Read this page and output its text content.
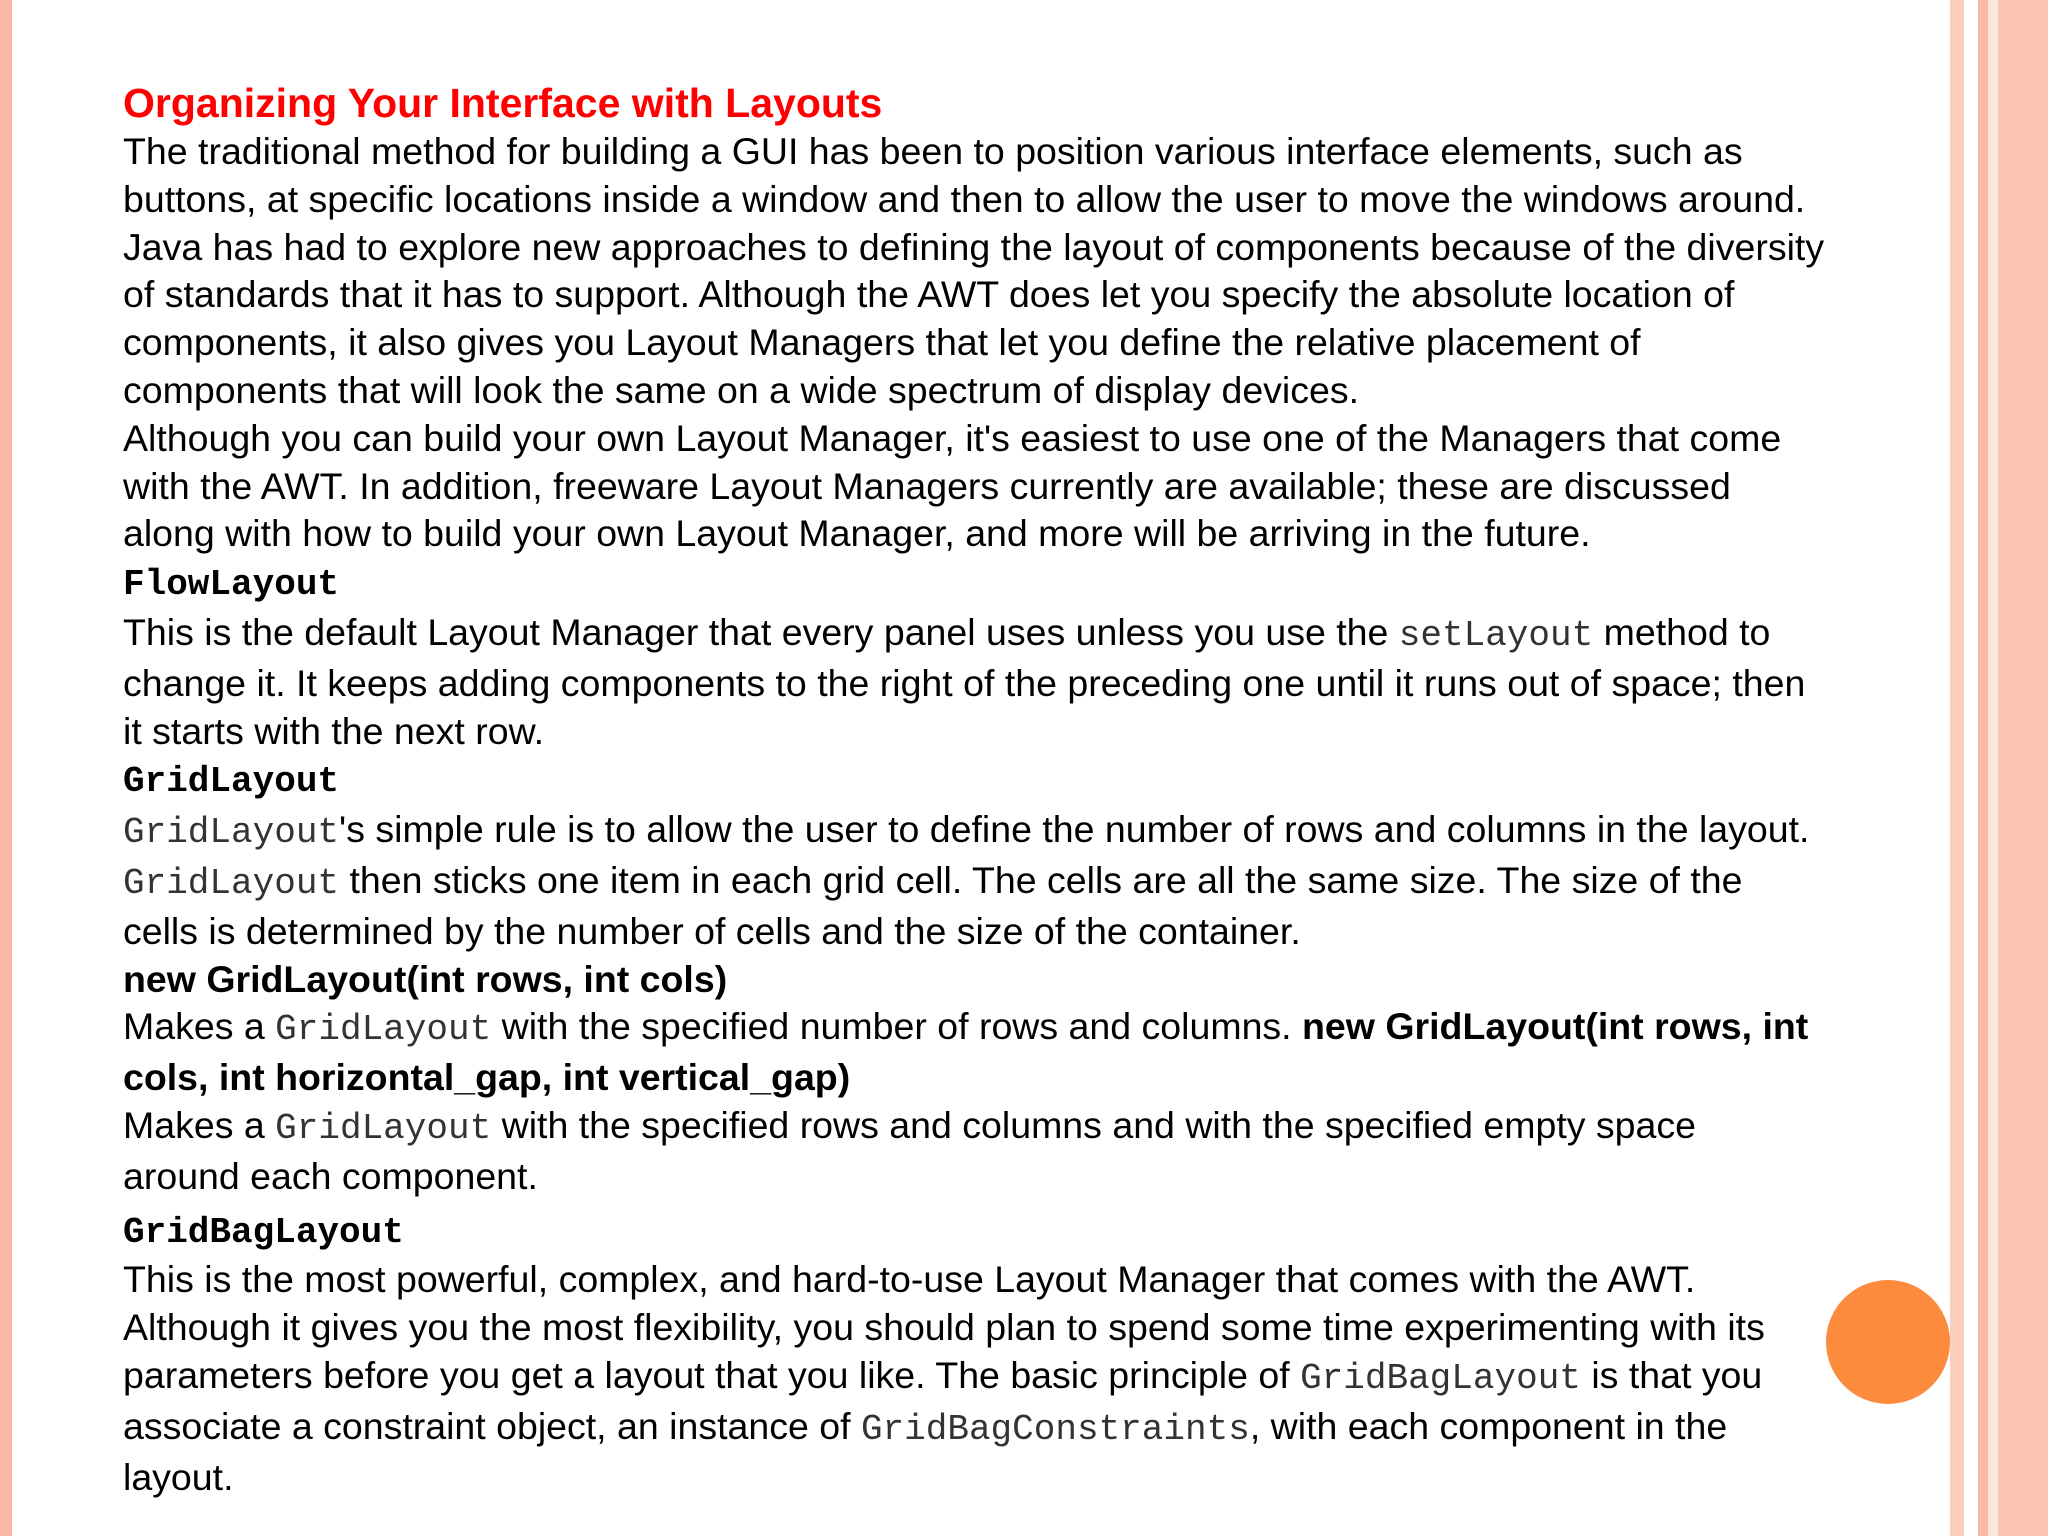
Organizing Your Interface with Layouts
The traditional method for building a GUI has been to position various interface elements, such as
buttons, at specific locations inside a window and then to allow the user to move the windows around.
Java has had to explore new approaches to defining the layout of components because of the diversity
of standards that it has to support. Although the AWT does let you specify the absolute location of
components, it also gives you Layout Managers that let you define the relative placement of
components that will look the same on a wide spectrum of display devices.
Although you can build your own Layout Manager, it's easiest to use one of the Managers that come
with the AWT. In addition, freeware Layout Managers currently are available; these are discussed
along with how to build your own Layout Manager, and more will be arriving in the future.
FlowLayout
This is the default Layout Manager that every panel uses unless you use the setLayout method to
change it. It keeps adding components to the right of the preceding one until it runs out of space; then
it starts with the next row.
GridLayout
GridLayout's simple rule is to allow the user to define the number of rows and columns in the layout.
GridLayout then sticks one item in each grid cell. The cells are all the same size. The size of the
cells is determined by the number of cells and the size of the container.
new GridLayout(int rows, int cols)
Makes a GridLayout with the specified number of rows and columns. new GridLayout(int rows, int
cols, int horizontal_gap, int vertical_gap)
Makes a GridLayout with the specified rows and columns and with the specified empty space
around each component.
GridBagLayout
This is the most powerful, complex, and hard-to-use Layout Manager that comes with the AWT.
Although it gives you the most flexibility, you should plan to spend some time experimenting with its
parameters before you get a layout that you like. The basic principle of GridBagLayout is that you
associate a constraint object, an instance of GridBagConstraints, with each component in the
layout.
